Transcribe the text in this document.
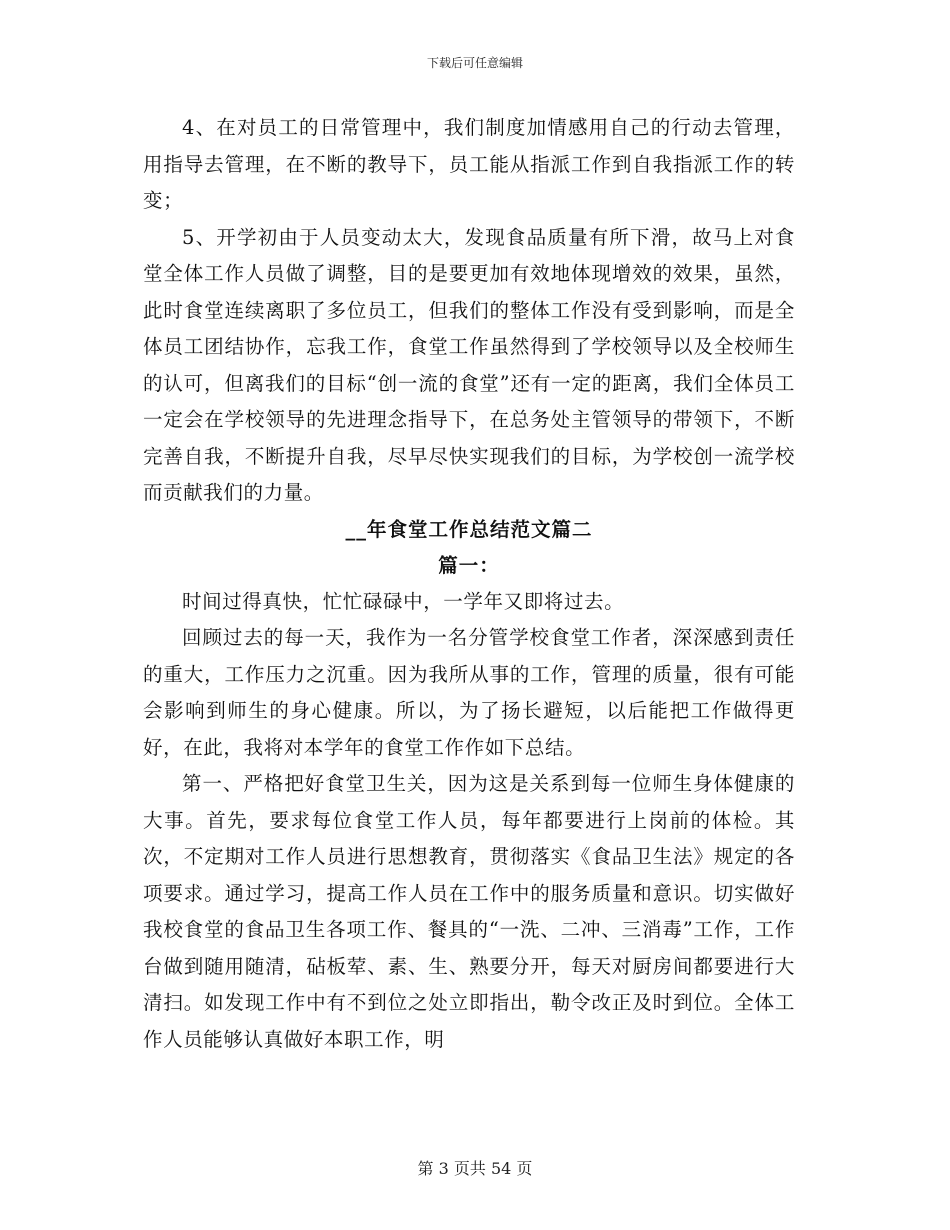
下载后可任意编辑

4、在对员工的日常管理中，我们制度加情感用自己的行动去管理，用指导去管理，在不断的教导下，员工能从指派工作到自我指派工作的转变；

5、开学初由于人员变动太大，发现食品质量有所下滑，故马上对食堂全体工作人员做了调整，目的是要更加有效地体现增效的效果，虽然，此时食堂连续离职了多位员工，但我们的整体工作没有受到影响，而是全体员工团结协作，忘我工作，食堂工作虽然得到了学校领导以及全校师生的认可，但离我们的目标“创一流的食堂”还有一定的距离，我们全体员工一定会在学校领导的先进理念指导下，在总务处主管领导的带领下，不断完善自我，不断提升自我，尽早尽快实现我们的目标，为学校创一流学校而贡献我们的力量。

__年食堂工作总结范文篇二
篇一：

时间过得真快，忙忙碌碌中，一学年又即将过去。

回顾过去的每一天，我作为一名分管学校食堂工作者，深深感到责任的重大，工作压力之沉重。因为我所从事的工作，管理的质量，很有可能会影响到师生的身心健康。所以，为了扬长避短，以后能把工作做得更好，在此，我将对本学年的食堂工作作如下总结。

第一、严格把好食堂卫生关，因为这是关系到每一位师生身体健康的大事。首先，要求每位食堂工作人员，每年都要进行上岗前的体检。其次，不定期对工作人员进行思想教育，贯彻落实《食品卫生法》规定的各项要求。通过学习，提高工作人员在工作中的服务质量和意识。切实做好我校食堂的食品卫生各项工作、餐具的“一洗、二冲、三消毒”工作，工作台做到随用随清，砧板荤、素、生、熟要分开，每天对厨房间都要进行大清扫。如发现工作中有不到位之处立即指出，勒令改正及时到位。全体工作人员能够认真做好本职工作，明

第 3 页共 54 页
